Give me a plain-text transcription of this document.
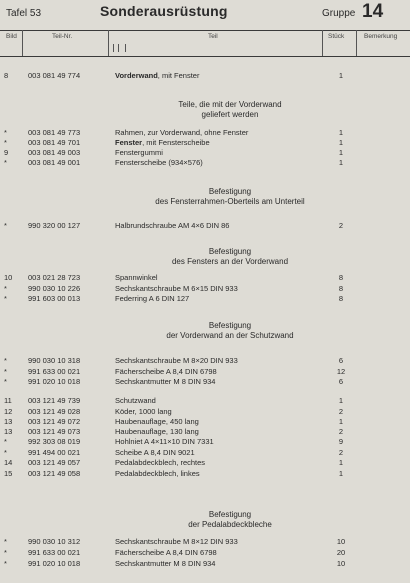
Tafel 53	Sonderausrüstung	Gruppe 14
Bild	Teil-Nr.	Teil	Stück	Bemerkung
8	003 081 49 774	Vorderwand, mit Fenster	1
*	003 081 49 773	Rahmen, zur Vorderwand, ohne Fenster	1
*	003 081 49 701	Fenster, mit Fensterscheibe	1
9	003 081 49 003	Fenstergummi	1
*	003 081 49 001	Fensterscheibe (934×576)	1
*	990 320 00 127	Halbrundschraube AM 4×6 DIN 86	2
10	003 021 28 723	Spannwinkel	8
*	990 030 10 226	Sechskantschraube M 6×15 DIN 933	8
*	991 603 00 013	Federring A 6 DIN 127	8
*	990 030 10 318	Sechskantschraube M 8×20 DIN 933	6
*	991 633 00 021	Fächerscheibe A 8,4 DIN 6798	12
*	991 020 10 018	Sechskantmutter M 8 DIN 934	6
11	003 121 49 739	Schutzwand	1
12	003 121 49 028	Köder, 1000 lang	2
13	003 121 49 072	Haubenauflage, 450 lang	1
13	003 121 49 073	Haubenauflage, 130 lang	2
*	992 303 08 019	Hohlniet A 4×11×10 DIN 7331	9
*	991 494 00 021	Scheibe A 8,4 DIN 9021	2
14	003 121 49 057	Pedalabdeckblech, rechtes	1
15	003 121 49 058	Pedalabdeckblech, linkes	1
*	990 030 10 312	Sechskantschraube M 8×12 DIN 933	10
*	991 633 00 021	Fächerscheibe A 8,4 DIN 6798	20
*	991 020 10 018	Sechskantmutter M 8 DIN 934	10
Teile, die mit der Vorderwand
geliefert werden
Befestigung
des Fensterrahmen-Oberteils am Unterteil
Befestigung
des Fensters an der Vorderwand
Befestigung
der Vorderwand an der Schutzwand
Befestigung
der Pedalabdeckbleche
